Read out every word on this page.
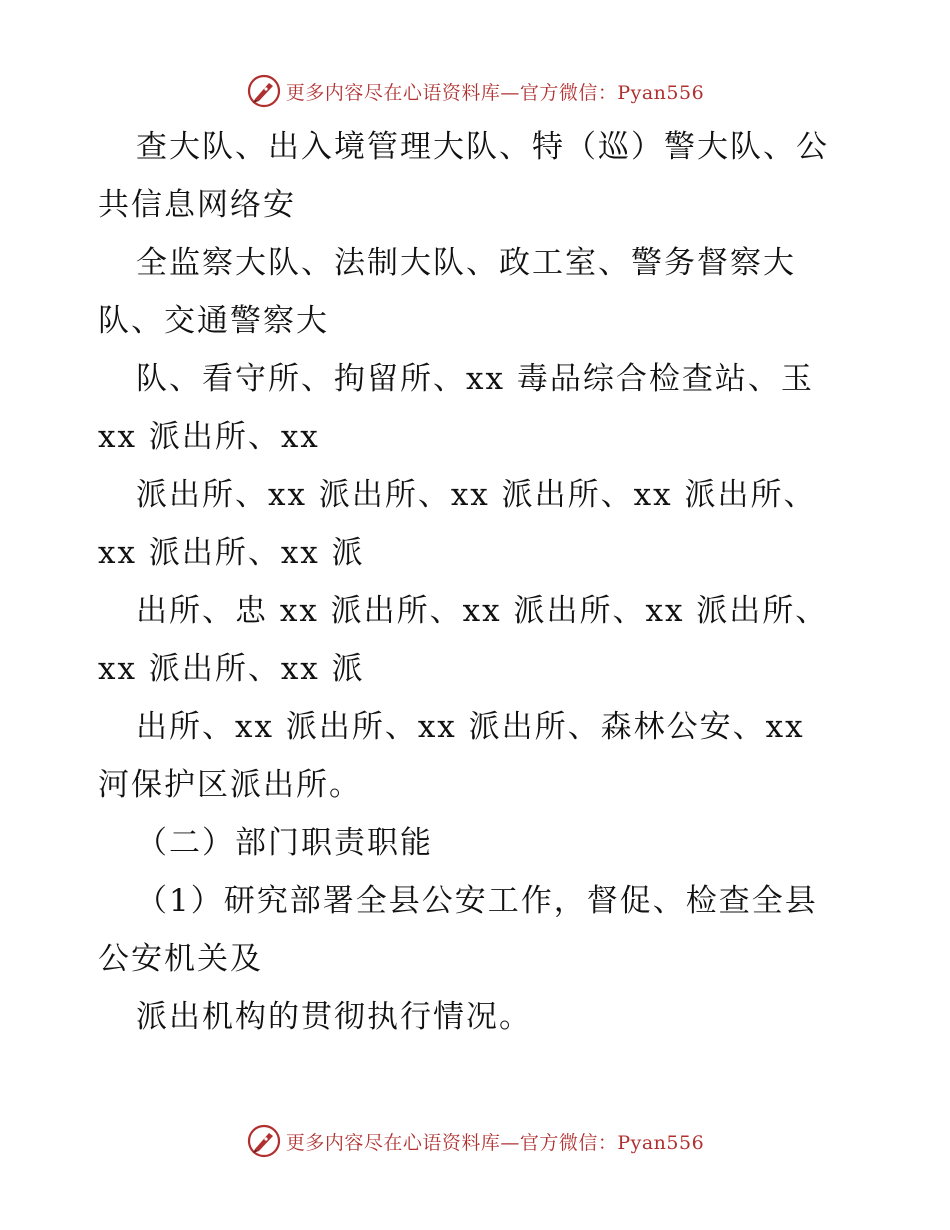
更多内容尽在心语资料库—官方微信：Pyan556

查大队、出入境管理大队、特（巡）警大队、公
共信息网络安

全监察大队、法制大队、政工室、警务督察大
队、交通警察大

队、看守所、拘留所、xx 毒品综合检查站、玉
xx 派出所、xx

派出所、xx 派出所、xx 派出所、xx 派出所、
xx 派出所、xx 派

出所、忠 xx 派出所、xx 派出所、xx 派出所、
xx 派出所、xx 派

出所、xx 派出所、xx 派出所、森林公安、xx
河保护区派出所。

（二）部门职责职能

（1）研究部署全县公安工作，督促、检查全县
公安机关及

派出机构的贯彻执行情况。

更多内容尽在心语资料库—官方微信：Pyan556
